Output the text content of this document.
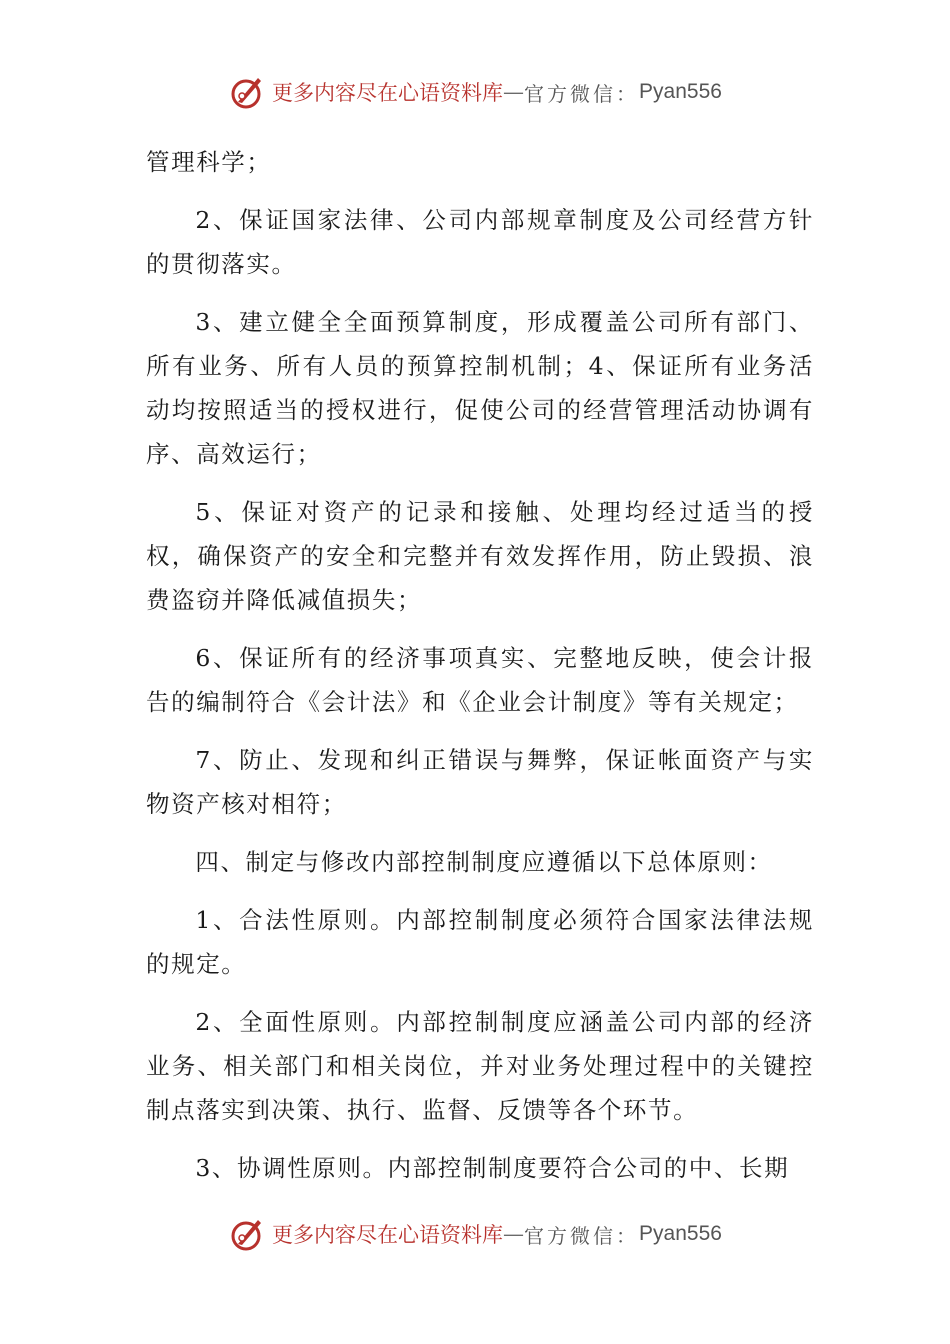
更多内容尽在心语资料库 — 官方微信： Pyan556

管理科学；

2、保证国家法律、公司内部规章制度及公司经营方针的贯彻落实。

3、建立健全全面预算制度，形成覆盖公司所有部门、所有业务、所有人员的预算控制机制；4、保证所有业务活动均按照适当的授权进行，促使公司的经营管理活动协调有序、高效运行；

5、保证对资产的记录和接触、处理均经过适当的授权，确保资产的安全和完整并有效发挥作用，防止毁损、浪费盗窃并降低减值损失；

6、保证所有的经济事项真实、完整地反映，使会计报告的编制符合《会计法》和《企业会计制度》等有关规定；

7、防止、发现和纠正错误与舞弊，保证帐面资产与实物资产核对相符；

四、制定与修改内部控制制度应遵循以下总体原则：

1、合法性原则。内部控制制度必须符合国家法律法规的规定。

2、全面性原则。内部控制制度应涵盖公司内部的经济业务、相关部门和相关岗位，并对业务处理过程中的关键控制点落实到决策、执行、监督、反馈等各个环节。

3、协调性原则。内部控制制度要符合公司的中、长期

更多内容尽在心语资料库 — 官方微信： Pyan556
